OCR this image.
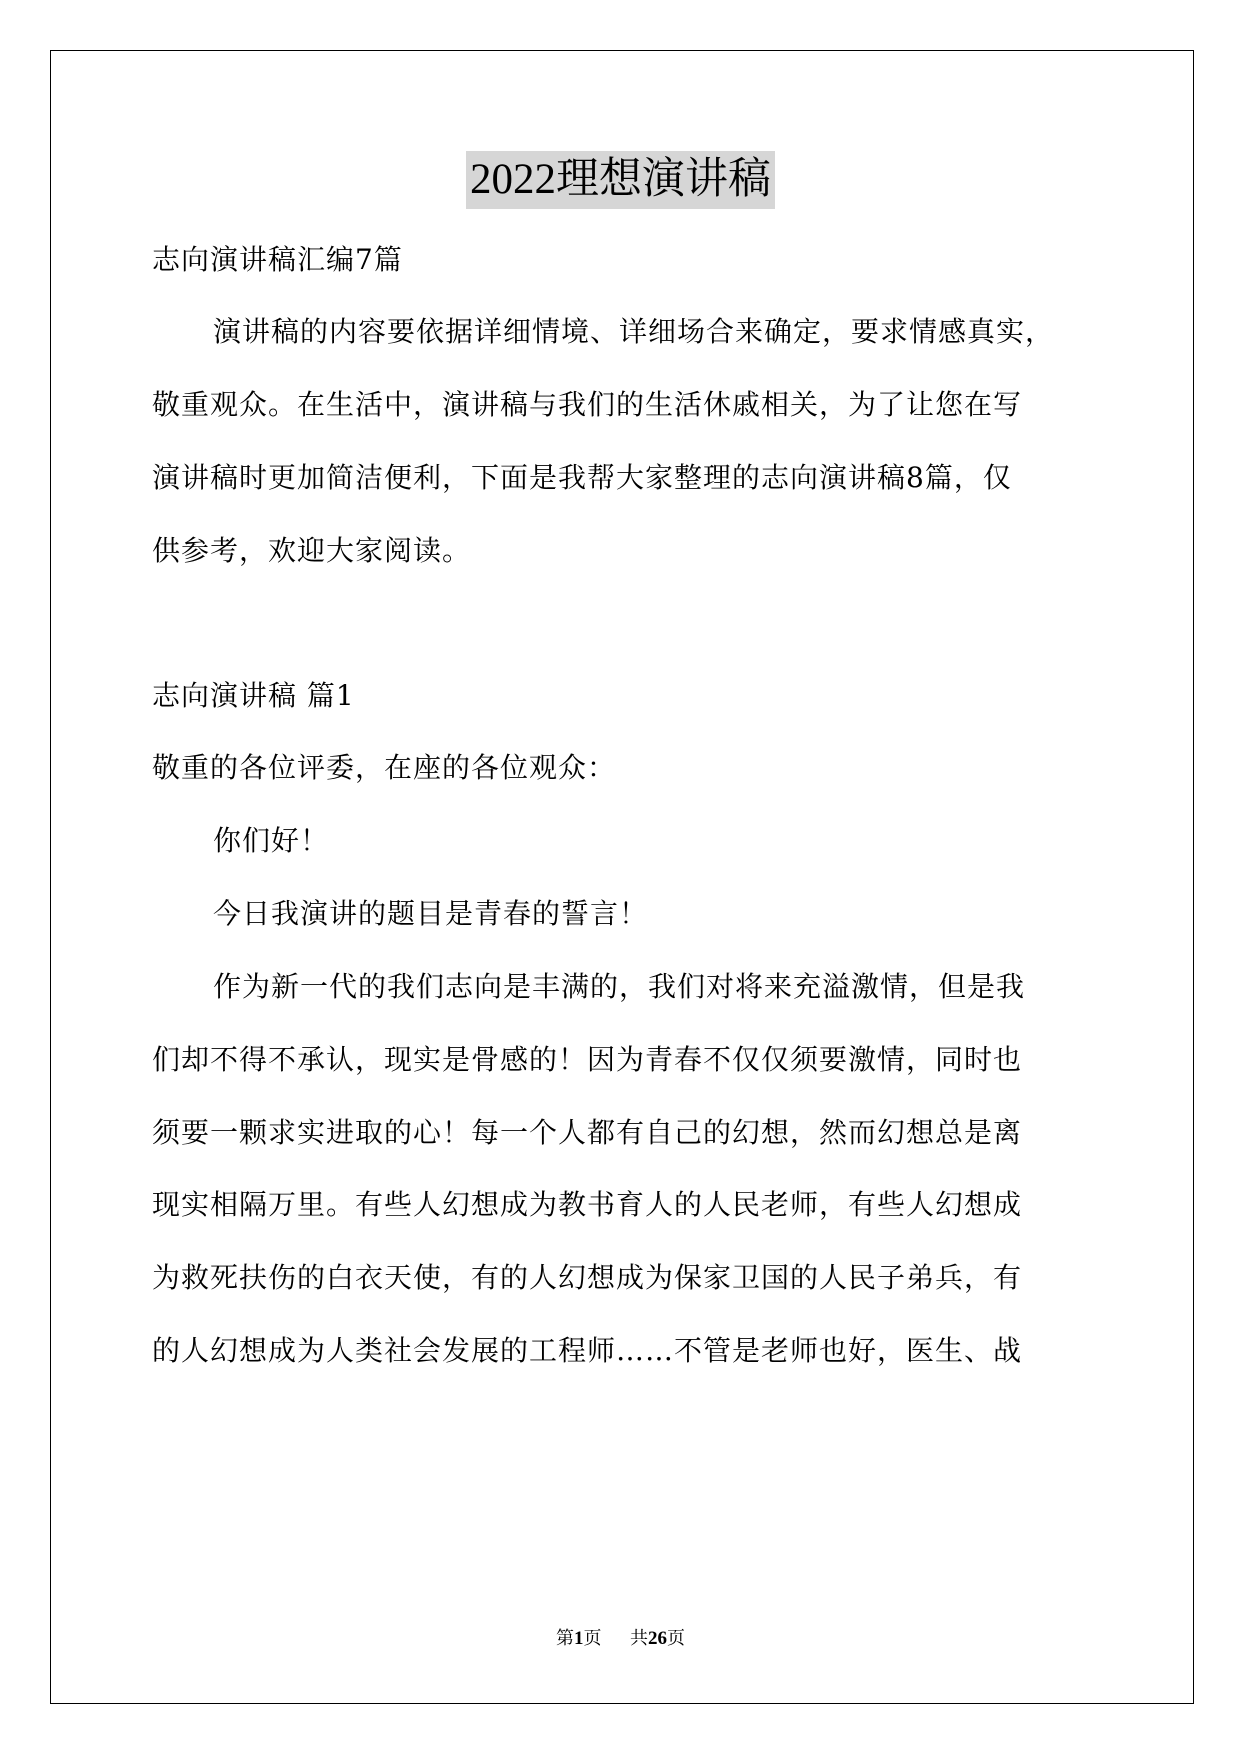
2022理想演讲稿
志向演讲稿汇编7篇
演讲稿的内容要依据详细情境、详细场合来确定，要求情感真实，
敬重观众。在生活中，演讲稿与我们的生活休戚相关，为了让您在写
演讲稿时更加简洁便利，下面是我帮大家整理的志向演讲稿8篇，仅
供参考，欢迎大家阅读。
志向演讲稿 篇1
敬重的各位评委，在座的各位观众：
你们好！
今日我演讲的题目是青春的誓言！
作为新一代的我们志向是丰满的，我们对将来充溢激情，但是我
们却不得不承认，现实是骨感的！因为青春不仅仅须要激情，同时也
须要一颗求实进取的心！每一个人都有自己的幻想，然而幻想总是离
现实相隔万里。有些人幻想成为教书育人的人民老师，有些人幻想成
为救死扶伤的白衣天使，有的人幻想成为保家卫国的人民子弟兵，有
的人幻想成为人类社会发展的工程师……不管是老师也好，医生、战
第1页 共26页
